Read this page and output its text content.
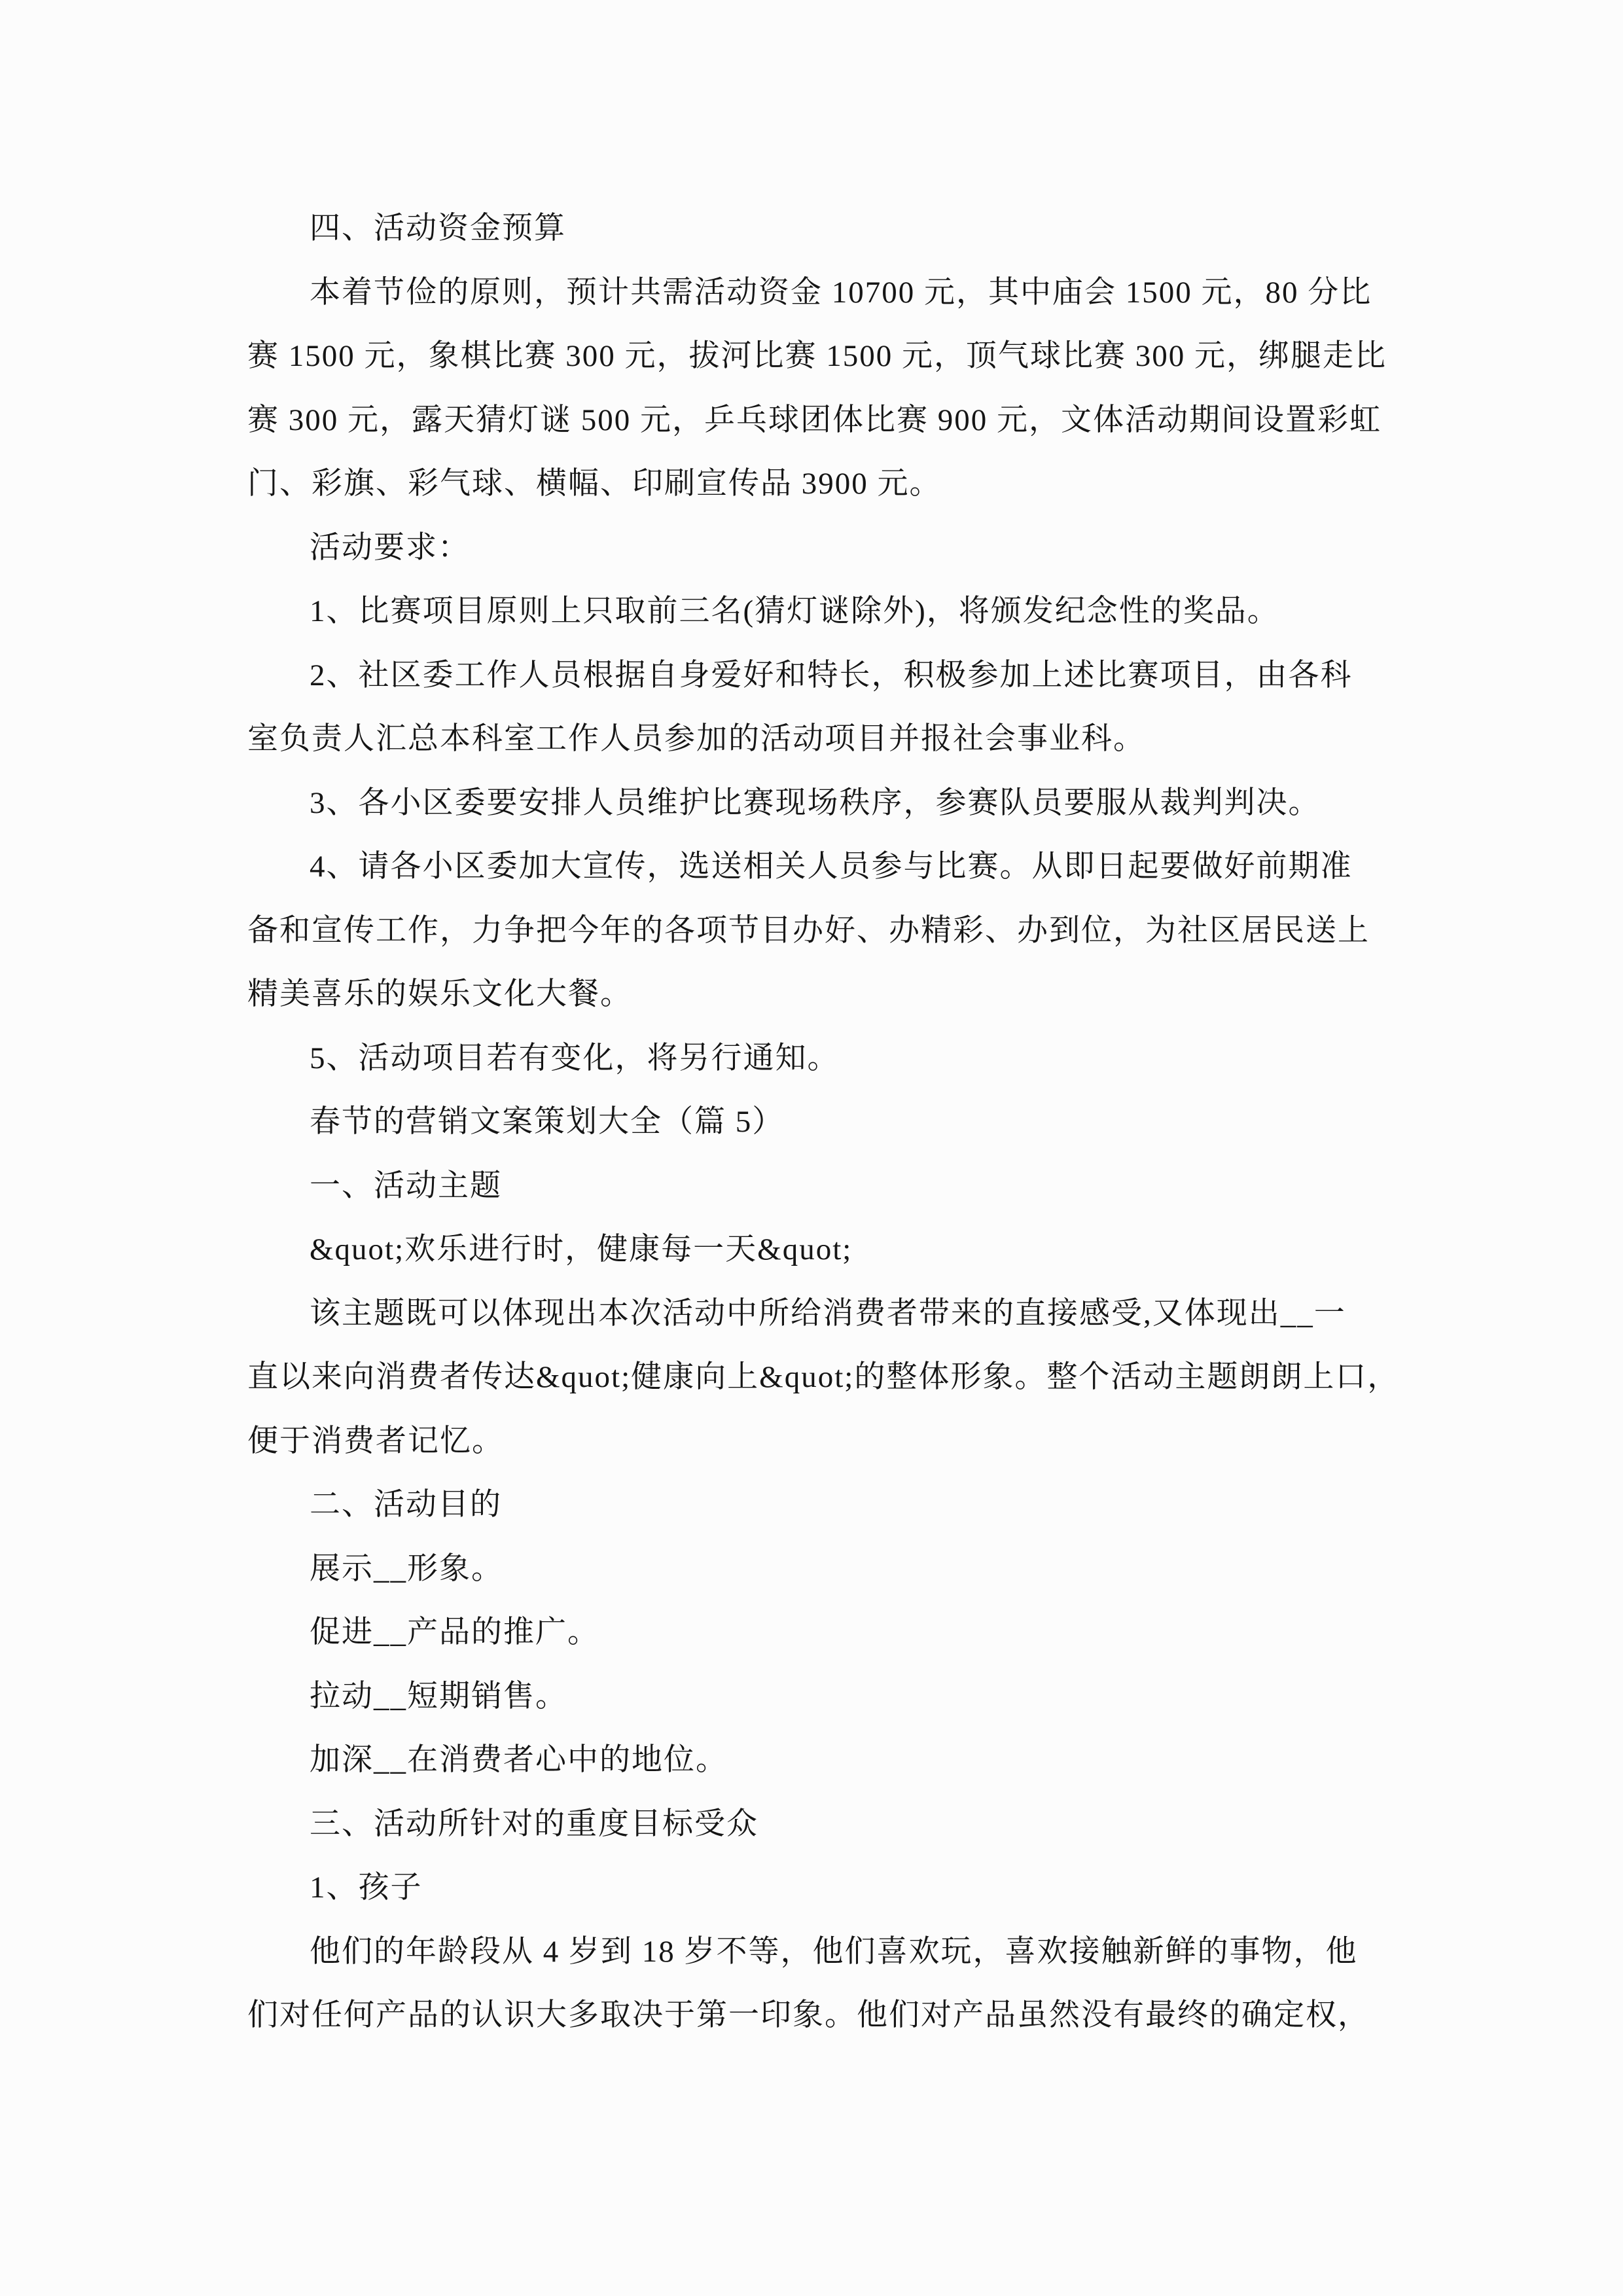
四、活动资金预算
本着节俭的原则，预计共需活动资金 10700 元，其中庙会 1500 元，80 分比
赛 1500 元，象棋比赛 300 元，拔河比赛 1500 元，顶气球比赛 300 元，绑腿走比
赛 300 元，露天猜灯谜 500 元，乒乓球团体比赛 900 元，文体活动期间设置彩虹
门、彩旗、彩气球、横幅、印刷宣传品 3900 元。
活动要求：
1、比赛项目原则上只取前三名(猜灯谜除外)，将颁发纪念性的奖品。
2、社区委工作人员根据自身爱好和特长，积极参加上述比赛项目，由各科
室负责人汇总本科室工作人员参加的活动项目并报社会事业科。
3、各小区委要安排人员维护比赛现场秩序，参赛队员要服从裁判判决。
4、请各小区委加大宣传，选送相关人员参与比赛。从即日起要做好前期准
备和宣传工作，力争把今年的各项节目办好、办精彩、办到位，为社区居民送上
精美喜乐的娱乐文化大餐。
5、活动项目若有变化，将另行通知。
春节的营销文案策划大全（篇 5）
一、活动主题
&quot;欢乐进行时，健康每一天&quot;
该主题既可以体现出本次活动中所给消费者带来的直接感受,又体现出__一
直以来向消费者传达&quot;健康向上&quot;的整体形象。整个活动主题朗朗上口，
便于消费者记忆。
二、活动目的
展示__形象。
促进__产品的推广。
拉动__短期销售。
加深__在消费者心中的地位。
三、活动所针对的重度目标受众
1、孩子
他们的年龄段从 4 岁到 18 岁不等，他们喜欢玩，喜欢接触新鲜的事物，他
们对任何产品的认识大多取决于第一印象。他们对产品虽然没有最终的确定权，
